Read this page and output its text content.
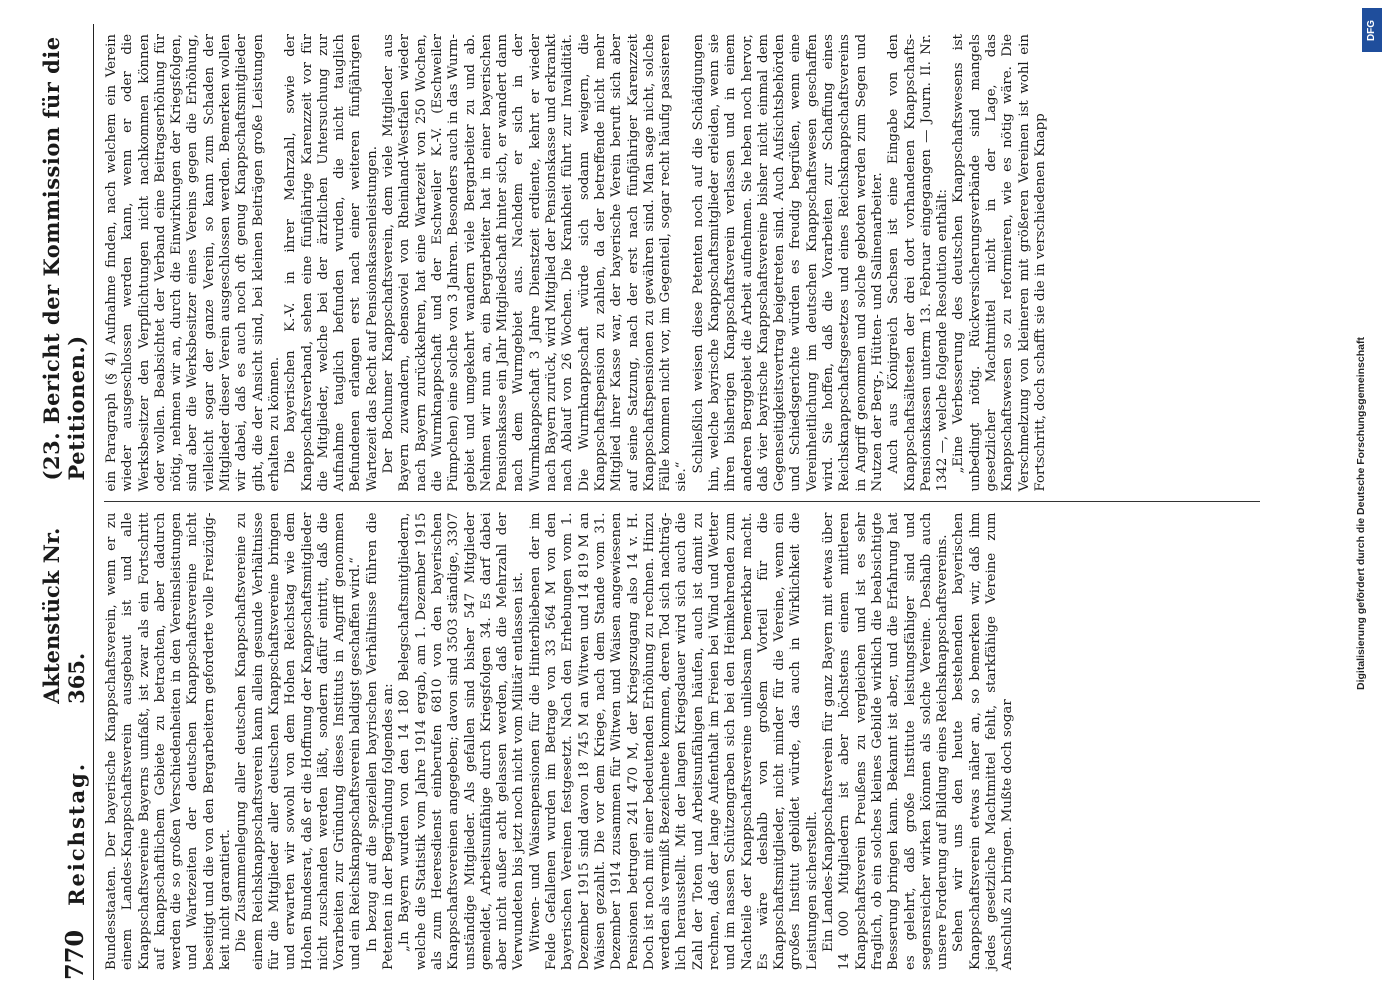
770
Reichstag.
Aktenstück Nr. 365.
(23. Bericht der Kommission für die Petitionen.)

Bundesstaaten. Der bayerische Knappschaftsverein, wenn er zu einem Landes-Knappschaftsverein ausgebaut ist und alle Knappschaftsvereine Bayerns umfaßt, ist zwar als ein Fortschritt auf knappschaftlichem Gebiete zu betrachten, aber dadurch werden die so großen Verschiedenheiten in den Vereinsleistungen und Wartezeiten der deutschen Knappschaftsvereine nicht beseitigt und die von den Bergarbeitern geforderte volle Freizügigkeit nicht garantiert. Die Zusammenlegung aller deutschen Knappschaftsvereine zu einem Reichsknappschaftsverein kann allein gesunde Verhältnisse für die Mitglieder aller deutschen Knappschaftsvereine bringen und erwarten wir sowohl von dem Hohen Reichstag wie dem Hohen Bundesrat, daß er die Hoffnung der Knappschaftsmitglieder nicht zuschanden werden läßt, sondern dafür eintritt, daß die Vorarbeiten zur Gründung dieses Instituts in Angriff genommen und ein Reichsknappschaftsverein baldigst geschaffen wird.“ In bezug auf die speziellen bayrischen Verhältnisse führen die Petenten in der Begründung folgendes an: „In Bayern wurden von den 14 180 Belegschaftsmitgliedern, welche die Statistik vom Jahre 1914 ergab, am 1. Dezember 1915 als zum Heeresdienst einberufen 6810 von den bayerischen Knappschaftsvereinen angegeben; davon sind 3503 ständige, 3307 unständige Mitglieder. Als gefallen sind bisher 547 Mitglieder gemeldet, Arbeitsunfähige durch Kriegsfolgen 34. Es darf dabei aber nicht außer acht gelassen werden, daß die Mehrzahl der Verwundeten bis jetzt noch nicht vom Militär entlassen ist. Witwen- und Waisenpensionen für die Hinterbliebenen der im Felde Gefallenen wurden im Betrage von 33 564 M von den bayerischen Vereinen festgesetzt. Nach den Erhebungen vom 1. Dezember 1915 sind davon 18 745 M an Witwen und 14 819 M an Waisen gezahlt. Die vor dem Kriege, nach dem Stande vom 31. Dezember 1914 zusammen für Witwen und Waisen angewiesenen Pensionen betrugen 241 470 M, der Kriegszugang also 14 v. H. Doch ist noch mit einer bedeutenden Erhöhung zu rechnen. Hinzu werden als vermißt Bezeichnete kommen, deren Tod sich nachträglich herausstellt. Mit der langen Kriegsdauer wird sich auch die Zahl der Toten und Arbeitsunfähigen häufen, auch ist damit zu rechnen, daß der lange Aufenthalt im Freien bei Wind und Wetter und im nassen Schützengraben sich bei den Heimkehrenden zum Nachteile der Knappschaftsvereine unliebsam bemerkbar macht. Es wäre deshalb von großem Vorteil für die Knappschaftsmitglieder, nicht minder für die Vereine, wenn ein großes Institut gebildet würde, das auch in Wirklichkeit die Leistungen sicherstellt. Ein Landes-Knappschaftsverein für ganz Bayern mit etwas über 14 000 Mitgliedern ist aber höchstens einem mittleren Knappschaftsverein Preußens zu vergleichen und ist es sehr fraglich, ob ein solches kleines Gebilde wirklich die beabsichtigte Besserung bringen kann. Bekannt ist aber, und die Erfahrung hat es gelehrt, daß große Institute leistungsfähiger sind und segensreicher wirken können als solche Vereine. Deshalb auch unsere Forderung auf Bildung eines Reichsknappschaftsvereins. Sehen wir uns den heute bestehenden bayerischen Knappschaftsverein etwas näher an, so bemerken wir, daß ihm jedes gesetzliche Machtmittel fehlt, starkfähige Vereine zum Anschluß zu bringen. Mußte doch sogar

ein Paragraph (§ 4) Aufnahme finden, nach welchem ein Verein wieder ausgeschlossen werden kann, wenn er oder die Werksbesitzer den Verpflichtungen nicht nachkommen können oder wollen. Beabsichtet der Verband eine Beitragserhöhung für nötig, nehmen wir an, durch die Einwirkungen der Kriegsfolgen, sind aber die Werksbesitzer eines Vereins gegen die Erhöhung, vielleicht sogar der ganze Verein, so kann zum Schaden der Mitglieder dieser Verein ausgeschlossen werden. Bemerken wollen wir dabei, daß es auch noch oft genug Knappschaftsmitglieder gibt, die der Ansicht sind, bei kleinen Beiträgen große Leistungen erhalten zu können. Die bayerischen K.-V. in ihrer Mehrzahl, sowie der Knappschaftsverband, sehen eine fünfjährige Karenzzeit vor für die Mitglieder, welche bei der ärztlichen Untersuchung zur Aufnahme tauglich befunden wurden, die nicht tauglich Befundenen erlangen erst nach einer weiteren fünfjährigen Wartezeit das Recht auf Pensionskassenleistungen. Der Bochumer Knappschaftsverein, dem viele Mitglieder aus Bayern zuwandern, ebensoviel von Rheinland-Westfalen wieder nach Bayern zurückkehren, hat eine Wartezeit von 250 Wochen, die Wurmknappschaft und der Eschweiler K.-V. (Eschweiler Pümpchen) eine solche von 3 Jahren. Besonders auch in das Wurmgebiet und umgekehrt wandern viele Bergarbeiter zu und ab. Nehmen wir nun an, ein Bergarbeiter hat in einer bayerischen Pensionskasse ein Jahr Mitgliedschaft hinter sich, er wandert dann nach dem Wurmgebiet aus. Nachdem er sich in der Wurmknappschaft 3 Jahre Dienstzeit erdiente, kehrt er wieder nach Bayern zurück, wird Mitglied der Pensionskasse und erkrankt nach Ablauf von 26 Wochen. Die Krankheit führt zur Invalidität. Die Wurmknappschaft würde sich sodann weigern, die Knappschaftspension zu zahlen, da der betreffende nicht mehr Mitglied ihrer Kasse war, der bayerische Verein beruft sich aber auf seine Satzung, nach der erst nach fünfjähriger Karenzzeit Knappschaftspensionen zu gewähren sind. Man sage nicht, solche Fälle kommen nicht vor, im Gegenteil, sogar recht häufig passieren sie.“

Schließlich weisen diese Petenten noch auf die Schädigungen hin, welche bayrische Knappschaftsmitglieder erleiden, wenn sie ihren bisherigen Knappschaftsverein verlassen und in einem anderen Berggebiet die Arbeit aufnehmen. Sie heben noch hervor, daß vier bayrische Knappschaftsvereine bisher nicht einmal dem Gegenseitigkeitsvertrag beigetreten sind. Auch Aufsichtsbehörden und Schiedsgerichte würden es freudig begrüßen, wenn eine Vereinheitlichung im deutschen Knappschaftswesen geschaffen wird. Sie hoffen, daß die Vorarbeiten zur Schaffung eines Reichsknappschaftsgesetzes und eines Reichsknappschaftsvereins in Angriff genommen und solche geboten werden zum Segen und Nutzen der Berg-, Hütten- und Salinenarbeiter. Auch aus Königreich Sachsen ist eine Eingabe von den Knappschaftsältesten der drei dort vorhandenen Knappschafts-Pensionskassen unterm 13. Februar eingegangen — Journ. II. Nr. 1342 —, welche folgende Resolution enthält: „Eine Verbesserung des deutschen Knappschaftswesens ist unbedingt nötig. Rückversicherungsverbände sind mangels gesetzlicher Machtmittel nicht in der Lage, das Knappschaftswesen so zu reformieren, wie es nötig wäre. Die Verschmelzung von kleineren mit größeren Vereinen ist wohl ein Fortschritt, doch schafft sie die in verschiedenen Knapp

DFG
Digitalisierung gefördert durch die Deutsche Forschungsgemeinschaft
